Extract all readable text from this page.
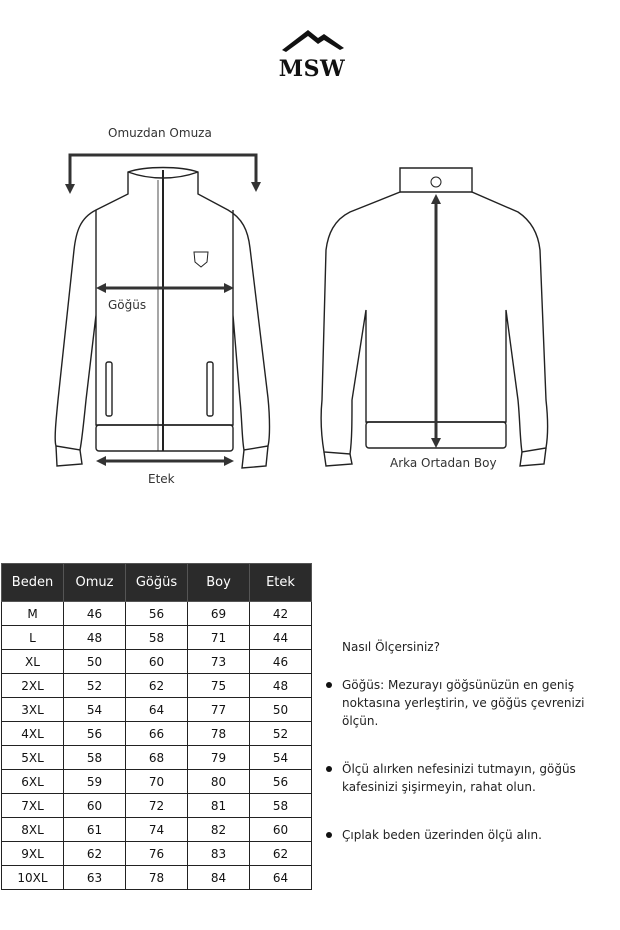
MSW
Omuzdan Omuza
Göğüs
Etek
Arka Ortadan Boy
Beden	Omuz	Göğüs	Boy	Etek
M	46	56	69	42
L	48	58	71	44
XL	50	60	73	46
2XL	52	62	75	48
3XL	54	64	77	50
4XL	56	66	78	52
5XL	58	68	79	54
6XL	59	70	80	56
7XL	60	72	81	58
8XL	61	74	82	60
9XL	62	76	83	62
10XL	63	78	84	64
Nasıl Ölçersiniz?
Göğüs: Mezurayı göğsünüzün en geniş noktasına yerleştirin, ve göğüs çevrenizi ölçün.
Ölçü alırken nefesinizi tutmayın, göğüs kafesinizi şişirmeyin, rahat olun.
Çıplak beden üzerinden ölçü alın.
